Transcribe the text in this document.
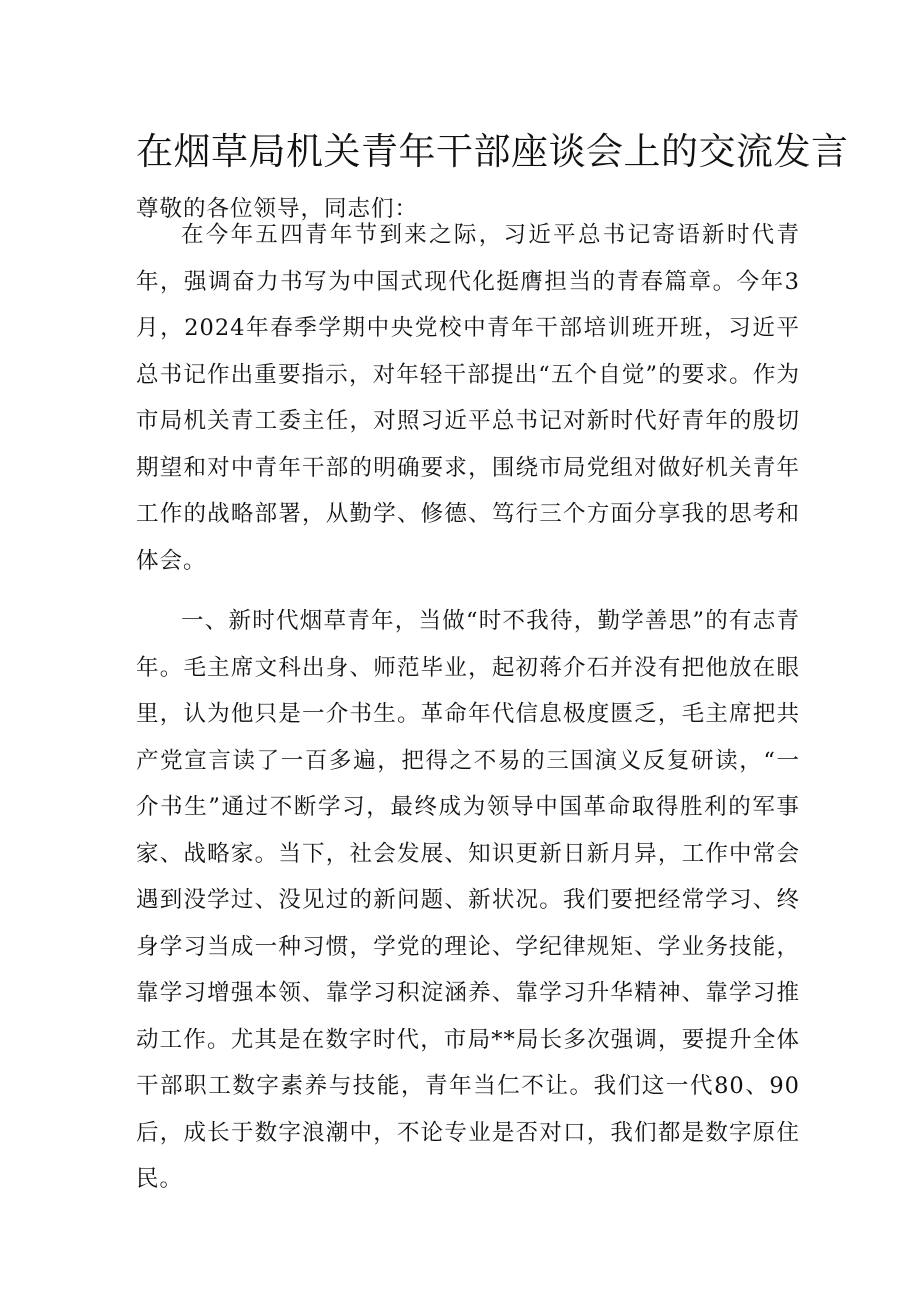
在烟草局机关青年干部座谈会上的交流发言

尊敬的各位领导，同志们：

在今年五四青年节到来之际，习近平总书记寄语新时代青年，强调奋力书写为中国式现代化挺膺担当的青春篇章。今年3月，2024年春季学期中央党校中青年干部培训班开班，习近平总书记作出重要指示，对年轻干部提出“五个自觉”的要求。作为市局机关青工委主任，对照习近平总书记对新时代好青年的殷切期望和对中青年干部的明确要求，围绕市局党组对做好机关青年工作的战略部署，从勤学、修德、笃行三个方面分享我的思考和体会。

一、新时代烟草青年，当做“时不我待，勤学善思”的有志青年。毛主席文科出身、师范毕业，起初蒋介石并没有把他放在眼里，认为他只是一介书生。革命年代信息极度匮乏，毛主席把共产党宣言读了一百多遍，把得之不易的三国演义反复研读，“一介书生”通过不断学习，最终成为领导中国革命取得胜利的军事家、战略家。当下，社会发展、知识更新日新月异，工作中常会遇到没学过、没见过的新问题、新状况。我们要把经常学习、终身学习当成一种习惯，学党的理论、学纪律规矩、学业务技能，靠学习增强本领、靠学习积淀涵养、靠学习升华精神、靠学习推动工作。尤其是在数字时代，市局**局长多次强调，要提升全体干部职工数字素养与技能，青年当仁不让。我们这一代80、90后，成长于数字浪潮中，不论专业是否对口，我们都是数字原住民。
